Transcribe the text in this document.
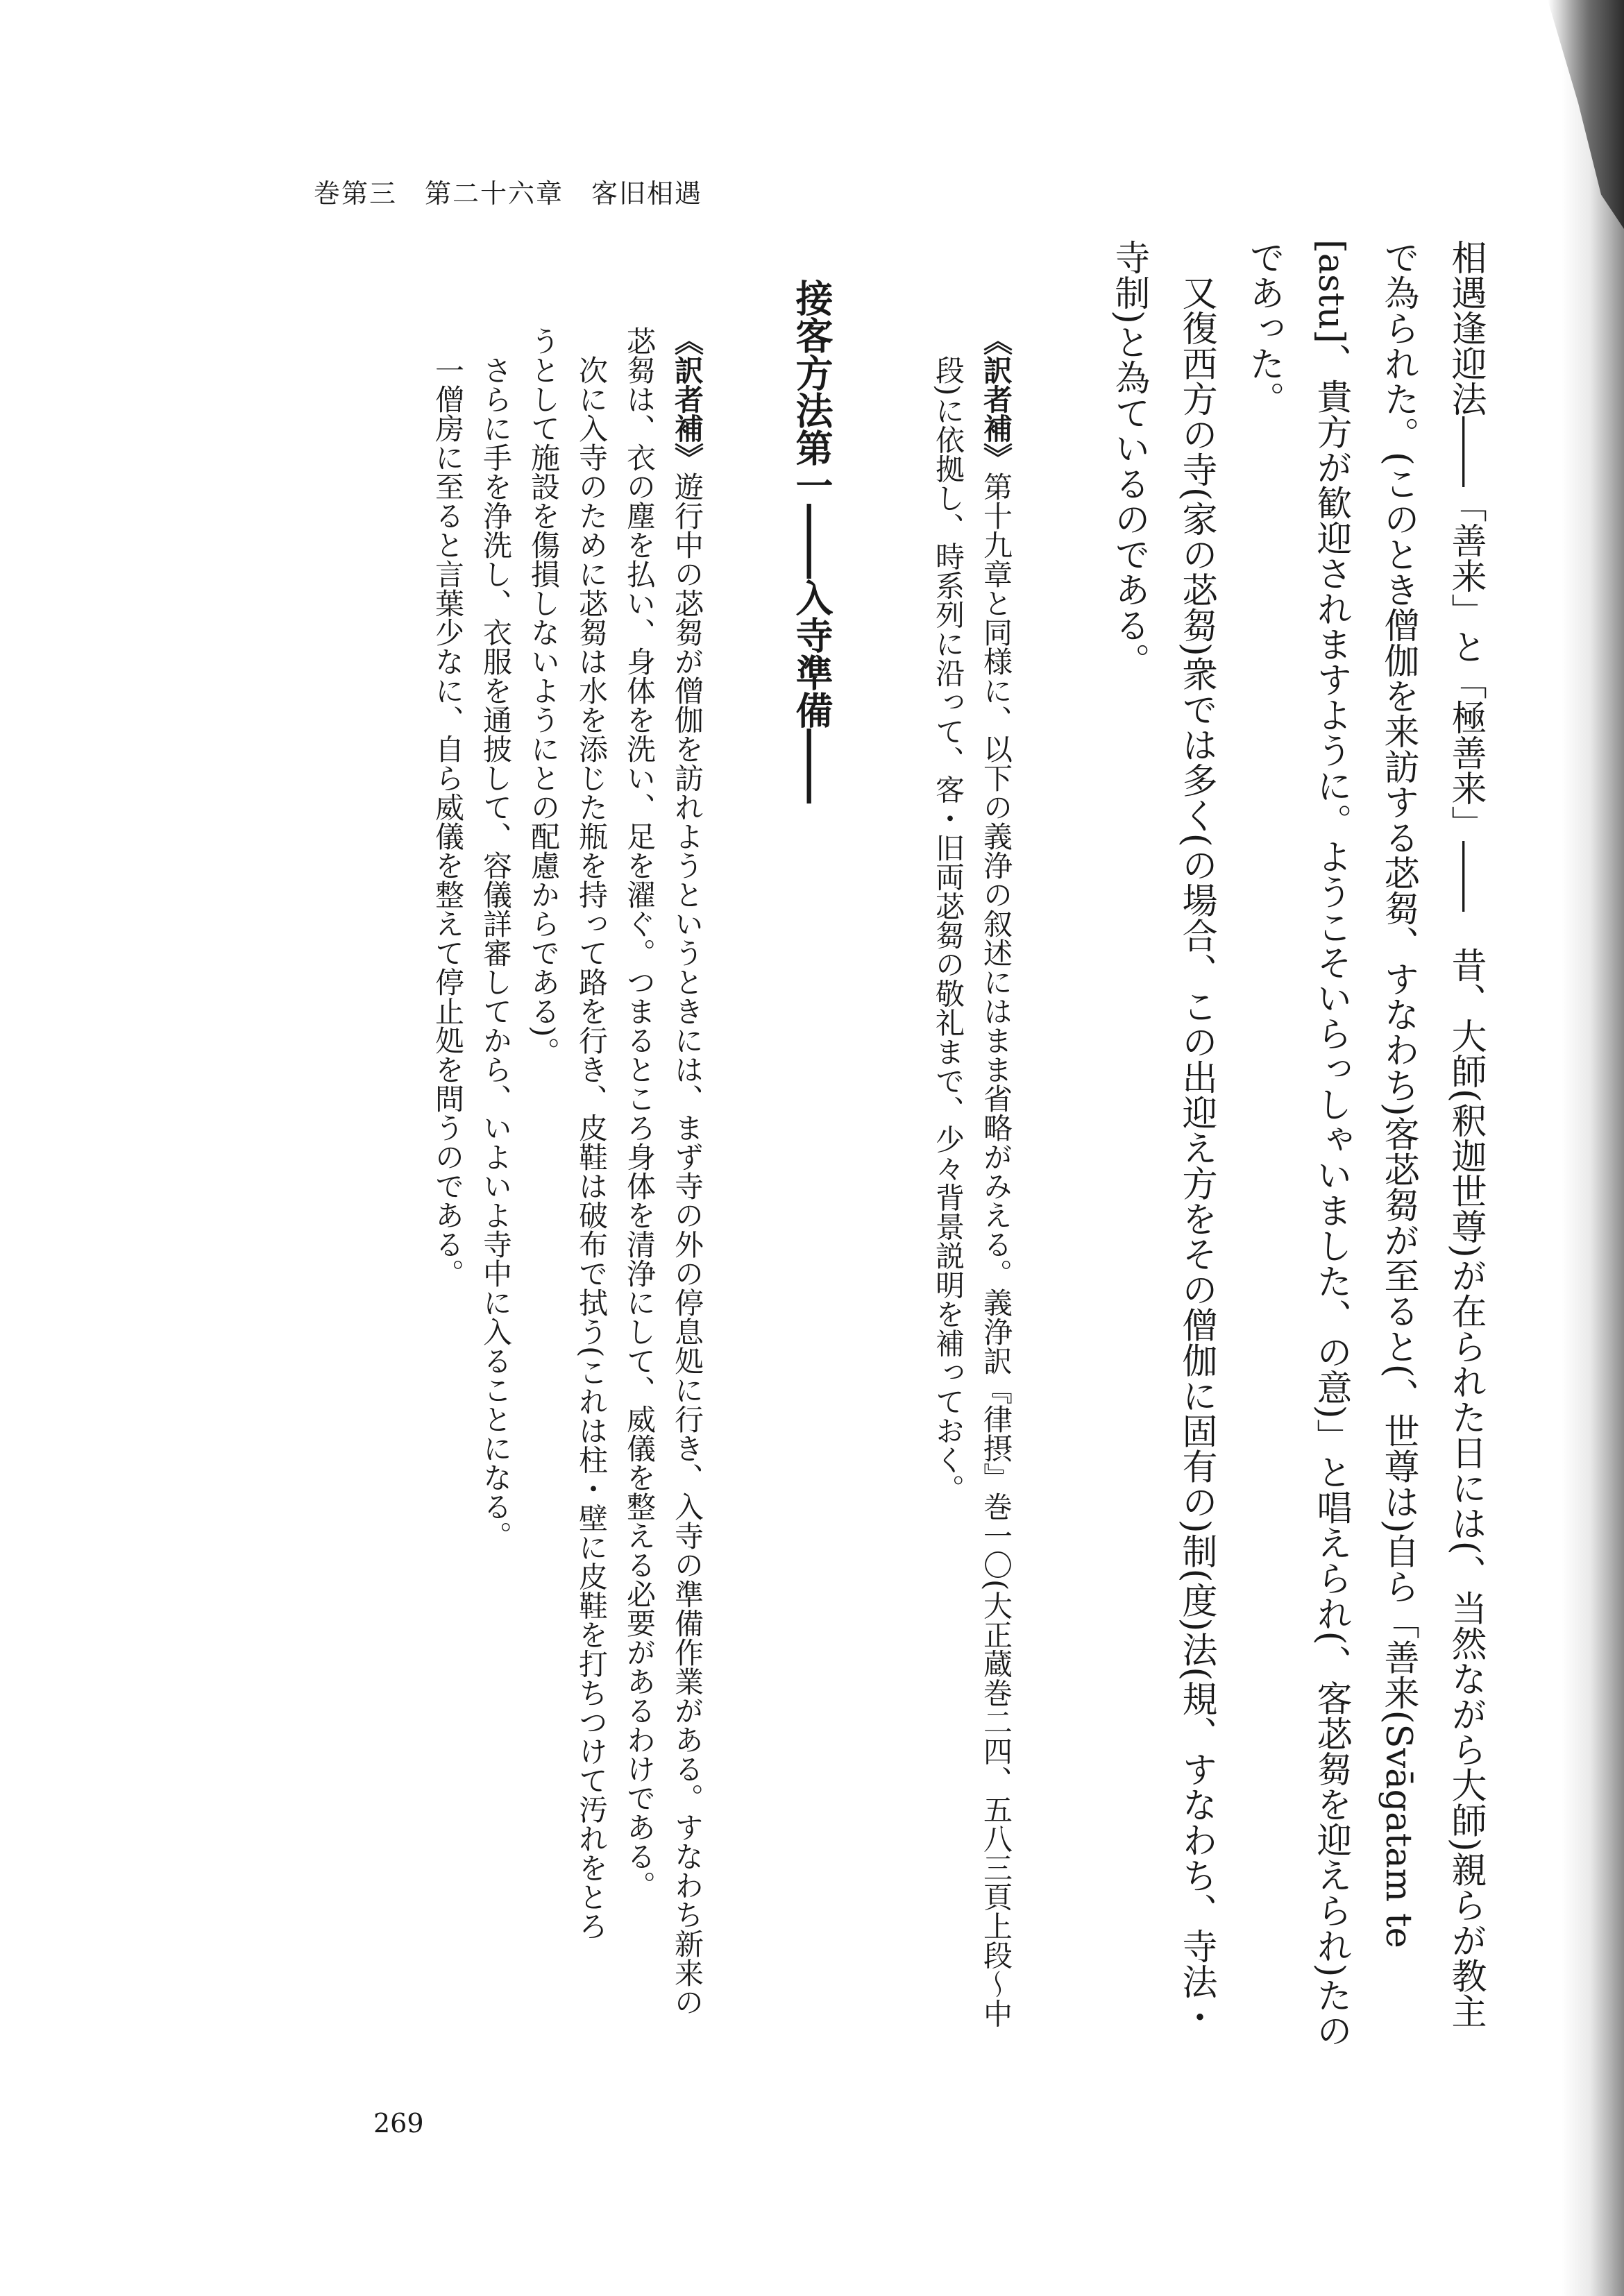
巻第三　第二十六章　客旧相遇
相遇逢迎法――「善来」と「極善来」――　昔、大師(釈迦世尊)が在られた日には(、当然ながら大師)親らが教主
で為られた。(このとき僧伽を来訪する苾芻、すなわち)客苾芻が至ると(、世尊は)自ら「善来(Svāgatam te
[astu]、貴方が歓迎されますように。ようこそいらっしゃいました、の意)」と唱えられ(、客苾芻を迎えられ)たの
であった。
又復西方の寺(家の苾芻)衆では多く(の場合、この出迎え方をその僧伽に固有の)制(度)法(規、すなわち、寺法・
寺制)と為ているのである。
《訳者補》第十九章と同様に、以下の義浄の叙述にはまま省略がみえる。義浄訳『律摂』巻一〇(大正蔵巻二四、五八三頁上段～中
段)に依拠し、時系列に沿って、客・旧両苾芻の敬礼まで、少々背景説明を補っておく。
接客方法第一――入寺準備――
《訳者補》遊行中の苾芻が僧伽を訪れようというときには、まず寺の外の停息処に行き、入寺の準備作業がある。すなわち新来の
苾芻は、衣の塵を払い、身体を洗い、足を濯ぐ。つまるところ身体を清浄にして、威儀を整える必要があるわけである。
次に入寺のために苾芻は水を添じた瓶を持って路を行き、皮鞋は破布で拭う(これは柱・壁に皮鞋を打ちつけて汚れをとろ
うとして施設を傷損しないようにとの配慮からである)。
さらに手を浄洗し、衣服を通披して、容儀詳審してから、いよいよ寺中に入ることになる。
一僧房に至ると言葉少なに、自ら威儀を整えて停止処を問うのである。
269
